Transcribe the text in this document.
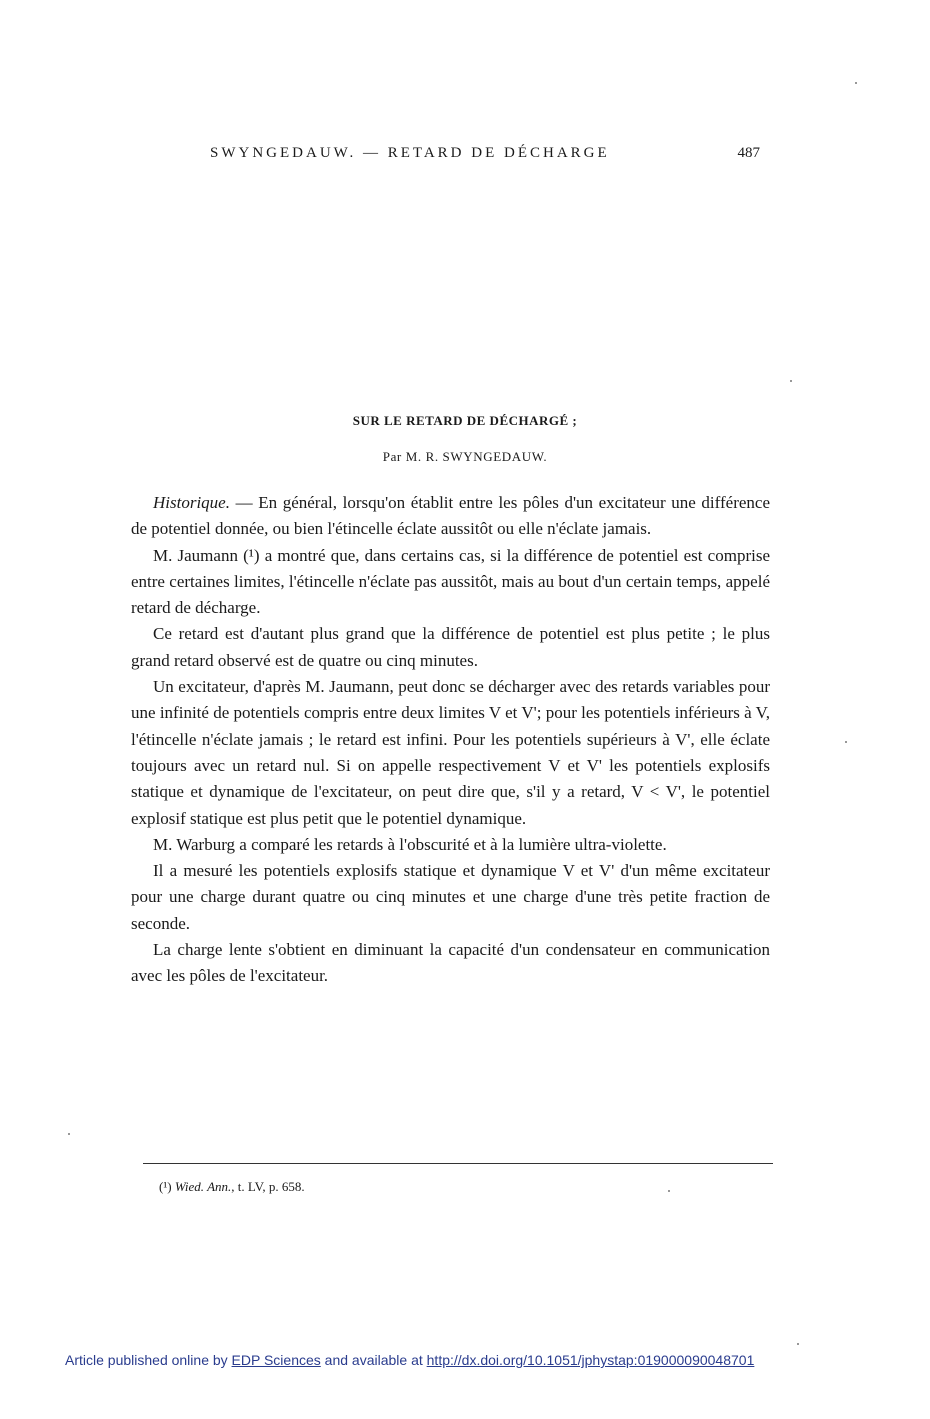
SWYNGEDAUW. — RETARD DE DÉCHARGE	487
SUR LE RETARD DE DÉCHARGÉ ;
Par M. R. SWYNGEDAUW.

Historique. — En général, lorsqu'on établit entre les pôles d'un excitateur une différence de potentiel donnée, ou bien l'étincelle éclate aussitôt ou elle n'éclate jamais.

M. Jaumann (¹) a montré que, dans certains cas, si la différence de potentiel est comprise entre certaines limites, l'étincelle n'éclate pas aussitôt, mais au bout d'un certain temps, appelé retard de décharge.

Ce retard est d'autant plus grand que la différence de potentiel est plus petite ; le plus grand retard observé est de quatre ou cinq minutes.

Un excitateur, d'après M. Jaumann, peut donc se décharger avec des retards variables pour une infinité de potentiels compris entre deux limites V et V'; pour les potentiels inférieurs à V, l'étincelle n'éclate jamais ; le retard est infini. Pour les potentiels supérieurs à V', elle éclate toujours avec un retard nul. Si on appelle respectivement V et V' les potentiels explosifs statique et dynamique de l'excitateur, on peut dire que, s'il y a retard, V < V', le potentiel explosif statique est plus petit que le potentiel dynamique.

M. Warburg a comparé les retards à l'obscurité et à la lumière ultra-violette.

Il a mesuré les potentiels explosifs statique et dynamique V et V' d'un même excitateur pour une charge durant quatre ou cinq minutes et une charge d'une très petite fraction de seconde.

La charge lente s'obtient en diminuant la capacité d'un condensateur en communication avec les pôles de l'excitateur.

(¹) Wied. Ann., t. LV, p. 658.
Article published online by EDP Sciences and available at http://dx.doi.org/10.1051/jphystap:019000090048701
